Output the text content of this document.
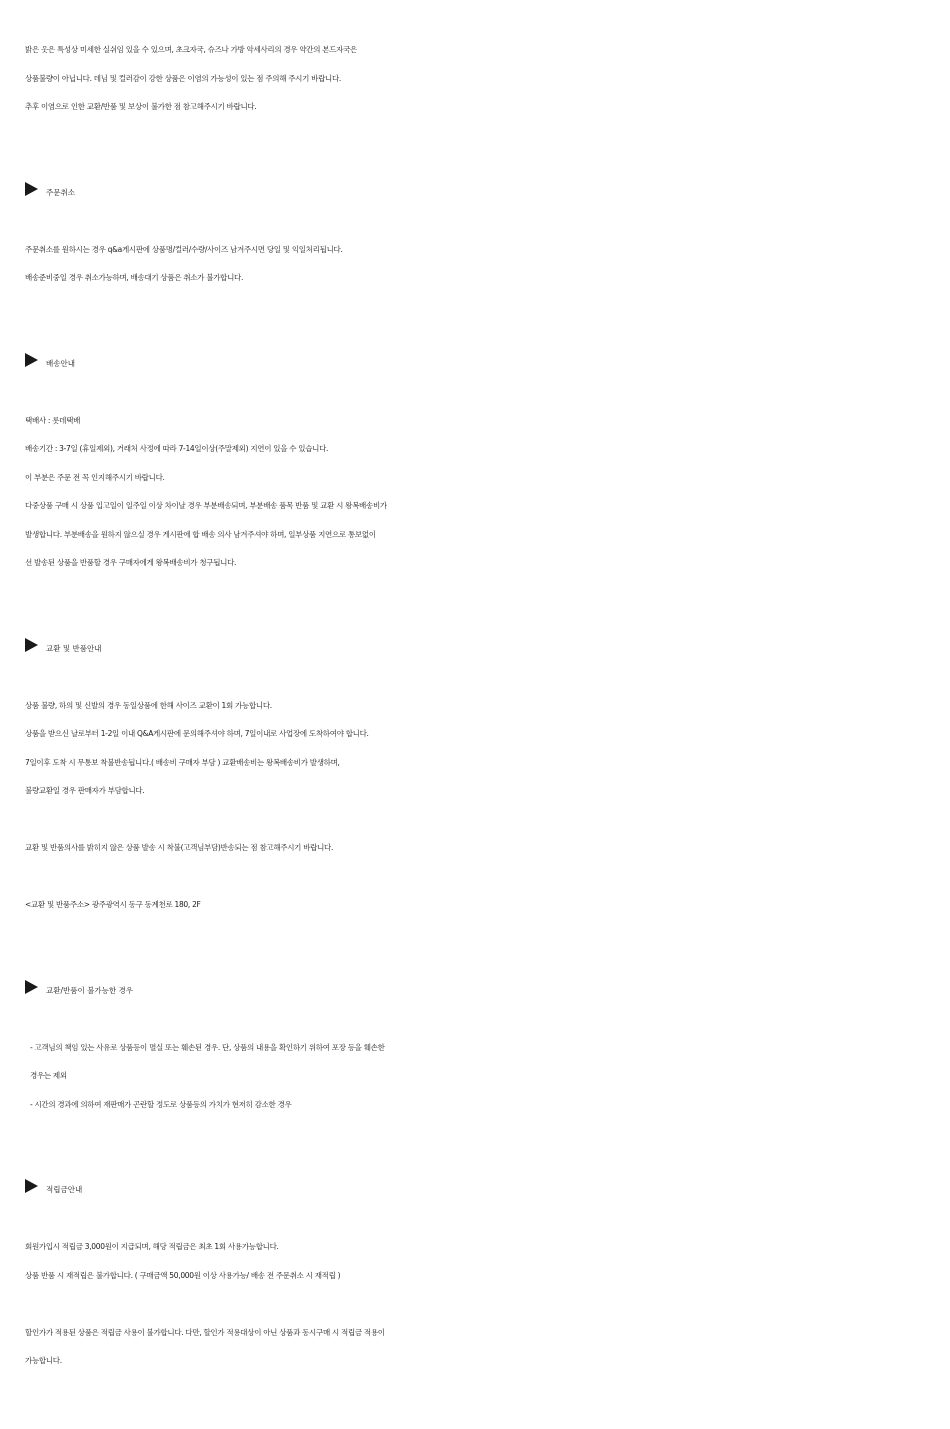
밝은 옷은 특성상 미세한 실쉬임 있을 수 있으며, 초크자국, 슈즈나 가방 악세사리의 경우 약간의 본드자국은
상품불량이 아닙니다. 데님 및 컬러감이 강한 상품은 이염의 가능성이 있는 점 주의해 주시기 바랍니다.
추후 이염으로 인한 교환/반품 및 보상이 불가한 점 참고해주시기 바랍니다.
주문취소
주문취소를 원하시는 경우 q&a게시판에 상품명/컬러/수량/사이즈 남겨주시면 당일 및 익일처리됩니다.
배송준비중일 경우 취소가능하며, 배송대기 상품은 취소가 불가합니다.
배송안내
택배사 : 롯데택배
배송기간 : 3-7일 (휴일제외), 거래처 사정에 따라 7-14일이상(주말제외) 지연이 있을 수 있습니다.
이 부분은 주문 전 꼭 인지해주시기 바랍니다.
다중상품 구매 시 상품 입고일이 일주일 이상 차이날 경우 부분배송되며, 부분배송 품목 반품 및 교환 시 왕복배송비가
발생합니다. 부분배송을 원하지 않으실 경우 게시판에 합 배송 의사 남겨주셔야 하며, 일부상품 지연으로 통보없이
선 발송된 상품을 반품할 경우 구매자에게 왕복배송비가 청구됩니다.
교환 및 반품안내
상품 불량, 하의 및 신발의 경우 동일상품에 한해 사이즈 교환이 1회 가능합니다.
상품을 받으신 날로부터 1-2일 이내 Q&A게시판에 문의해주셔야 하며, 7일이내로 사업장에 도착하여야 합니다.
7일이후 도착 시 무통보 착불반송됩니다.( 배송비 구매자 부담 ) 교환배송비는 왕복배송비가 발생하며,
불량교환일 경우 판매자가 부담합니다.
교환 및 반품의사를 밝히지 않은 상품 발송 시 착불(고객님부담)반송되는 점 참고해주시기 바랍니다.
<교환 및 반품주소> 광주광역시 동구 동계천로 180, 2F
교환/반품이 불가능한 경우
- 고객님의 책임 있는 사유로 상품등이 멸실 또는 훼손된 경우. 단, 상품의 내용을 확인하기 위하여 포장 등을 훼손한
경우는 제외
- 시간의 경과에 의하여 재판매가 곤란할 정도로 상품등의 가치가 현저히 감소한 경우
적립금안내
회원가입시 적립금 3,000원이 지급되며, 해당 적립금은 최초 1회 사용가능합니다.
상품 반품 시 재적립은 불가합니다. ( 구매금액 50,000원 이상 사용가능/ 배송 전 주문취소 시 재적립 )
할인가가 적용된 상품은 적립금 사용이 불가합니다. 다만, 할인가 적용대상이 아닌 상품과 동시구매 시 적립금 적용이
가능합니다.
